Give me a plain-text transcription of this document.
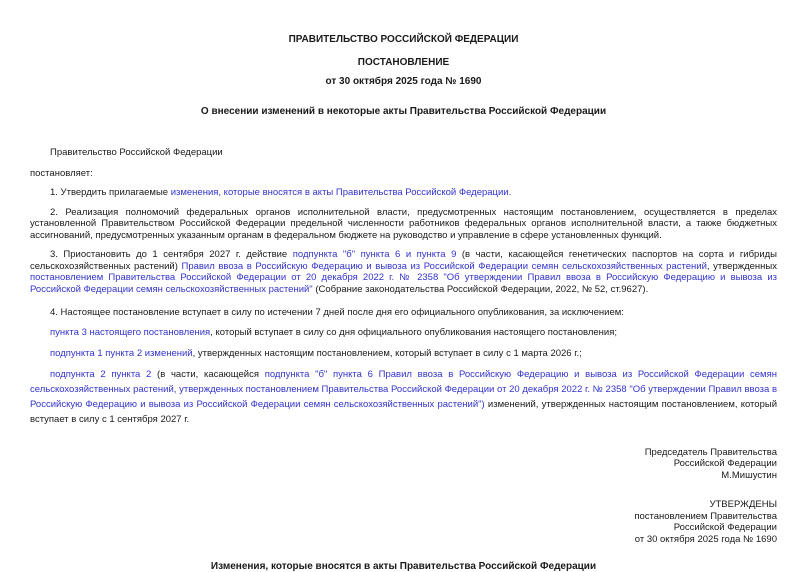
ПРАВИТЕЛЬСТВО РОССИЙСКОЙ ФЕДЕРАЦИИ
ПОСТАНОВЛЕНИЕ
от 30 октября 2025 года № 1690
О внесении изменений в некоторые акты Правительства Российской Федерации
Правительство Российской Федерации
постановляет:
1. Утвердить прилагаемые изменения, которые вносятся в акты Правительства Российской Федерации.
2. Реализация полномочий федеральных органов исполнительной власти, предусмотренных настоящим постановлением, осуществляется в пределах установленной Правительством Российской Федерации предельной численности работников федеральных органов исполнительной власти, а также бюджетных ассигнований, предусмотренных указанным органам в федеральном бюджете на руководство и управление в сфере установленных функций.
3. Приостановить до 1 сентября 2027 г. действие подпункта "б" пункта 6 и пункта 9 (в части, касающейся генетических паспортов на сорта и гибриды сельскохозяйственных растений) Правил ввоза в Российскую Федерацию и вывоза из Российской Федерации семян сельскохозяйственных растений, утвержденных постановлением Правительства Российской Федерации от 20 декабря 2022 г. № 2358 "Об утверждении Правил ввоза в Российскую Федерацию и вывоза из Российской Федерации семян сельскохозяйственных растений" (Собрание законодательства Российской Федерации, 2022, № 52, ст.9627).
4. Настоящее постановление вступает в силу по истечении 7 дней после дня его официального опубликования, за исключением:
пункта 3 настоящего постановления, который вступает в силу со дня официального опубликования настоящего постановления;
подпункта 1 пункта 2 изменений, утвержденных настоящим постановлением, который вступает в силу с 1 марта 2026 г.;
подпункта 2 пункта 2 (в части, касающейся подпункта "б" пункта 6 Правил ввоза в Российскую Федерацию и вывоза из Российской Федерации семян сельскохозяйственных растений, утвержденных постановлением Правительства Российской Федерации от 20 декабря 2022 г. № 2358 "Об утверждении Правил ввоза в Российскую Федерацию и вывоза из Российской Федерации семян сельскохозяйственных растений") изменений, утвержденных настоящим постановлением, который вступает в силу с 1 сентября 2027 г.
Председатель Правительства
Российской Федерации
М.Мишустин
УТВЕРЖДЕНЫ
постановлением Правительства
Российской Федерации
от 30 октября 2025 года № 1690
Изменения, которые вносятся в акты Правительства Российской Федерации
